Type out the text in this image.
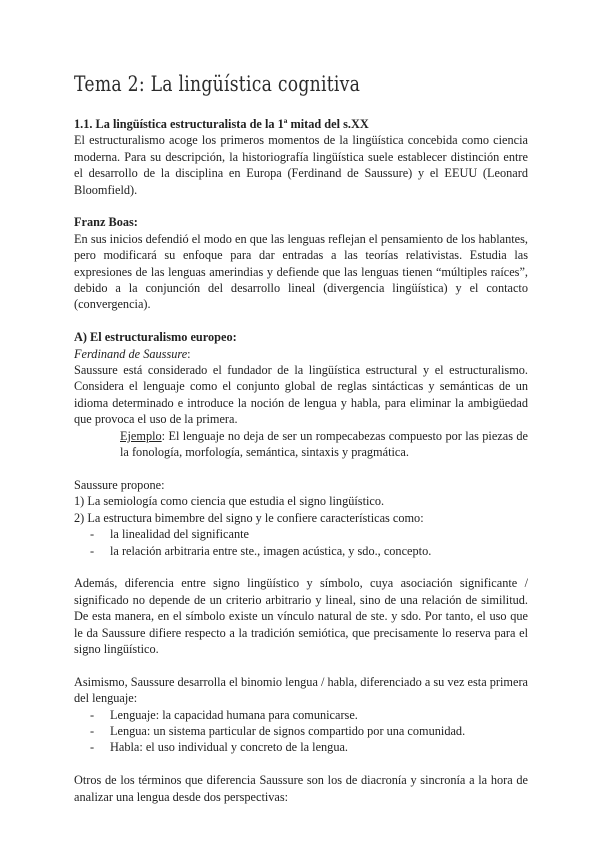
Tema 2: La lingüística cognitiva

1.1. La lingüística estructuralista de la 1ª mitad del s.XX

El estructuralismo acoge los primeros momentos de la lingüística concebida como ciencia moderna. Para su descripción, la historiografía lingüística suele establecer distinción entre el desarrollo de la disciplina en Europa (Ferdinand de Saussure) y el EEUU (Leonard Bloomfield).

Franz Boas:

En sus inicios defendió el modo en que las lenguas reflejan el pensamiento de los hablantes, pero modificará su enfoque para dar entradas a las teorías relativistas. Estudia las expresiones de las lenguas amerindias y defiende que las lenguas tienen “múltiples raíces”, debido a la conjunción del desarrollo lineal (divergencia lingüística) y el contacto (convergencia).

A) El estructuralismo europeo:

Ferdinand de Saussure:

Saussure está considerado el fundador de la lingüística estructural y el estructuralismo. Considera el lenguaje como el conjunto global de reglas sintácticas y semánticas de un idioma determinado e introduce la noción de lengua y habla, para eliminar la ambigüedad que provoca el uso de la primera.

Ejemplo: El lenguaje no deja de ser un rompecabezas compuesto por las piezas de la fonología, morfología, semántica, sintaxis y pragmática.

Saussure propone:

1) La semiología como ciencia que estudia el signo lingüístico.

2) La estructura bimembre del signo y le confiere características como:

- la linealidad del significante
- la relación arbitraria entre ste., imagen acústica, y sdo., concepto.

Además, diferencia entre signo lingüístico y símbolo, cuya asociación significante / significado no depende de un criterio arbitrario y lineal, sino de una relación de similitud. De esta manera, en el símbolo existe un vínculo natural de ste. y sdo. Por tanto, el uso que le da Saussure difiere respecto a la tradición semiótica, que precisamente lo reserva para el signo lingüístico.

Asimismo, Saussure desarrolla el binomio lengua / habla, diferenciado a su vez esta primera del lenguaje:

- Lenguaje: la capacidad humana para comunicarse.
- Lengua: un sistema particular de signos compartido por una comunidad.
- Habla: el uso individual y concreto de la lengua.

Otros de los términos que diferencia Saussure son los de diacronía y sincronía a la hora de analizar una lengua desde dos perspectivas:
